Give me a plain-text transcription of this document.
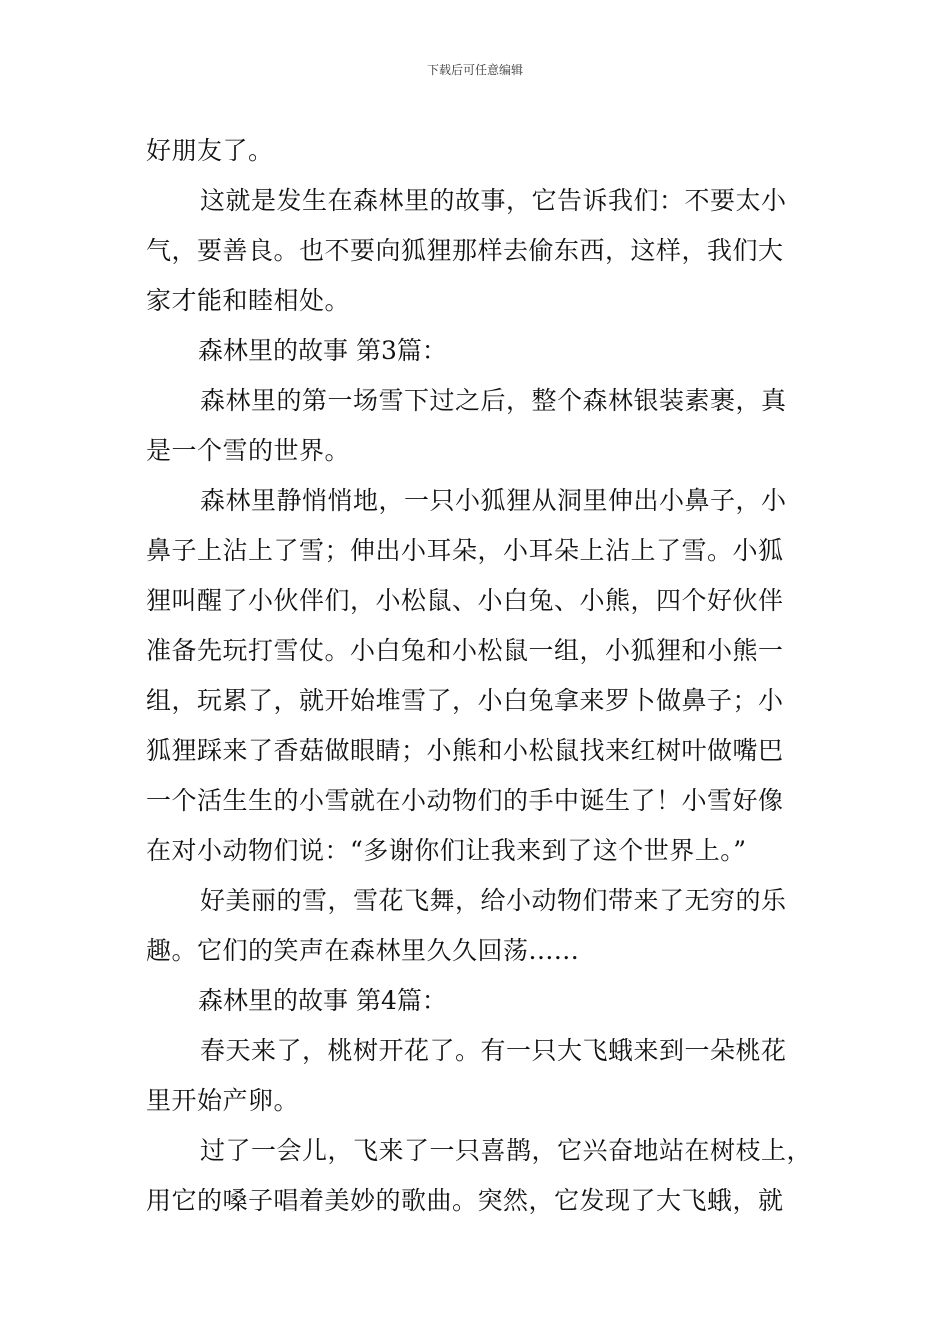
下载后可任意编辑
好朋友了。
这就是发生在森林里的故事，它告诉我们：不要太小
气，要善良。也不要向狐狸那样去偷东西，这样，我们大
家才能和睦相处。
森林里的故事 第3篇：
森林里的第一场雪下过之后，整个森林银装素裹，真
是一个雪的世界。
森林里静悄悄地，一只小狐狸从洞里伸出小鼻子，小
鼻子上沾上了雪；伸出小耳朵，小耳朵上沾上了雪。小狐
狸叫醒了小伙伴们，小松鼠、小白兔、小熊，四个好伙伴
准备先玩打雪仗。小白兔和小松鼠一组，小狐狸和小熊一
组，玩累了，就开始堆雪了，小白兔拿来罗卜做鼻子；小
狐狸踩来了香菇做眼睛；小熊和小松鼠找来红树叶做嘴巴
一个活生生的小雪就在小动物们的手中诞生了！小雪好像
在对小动物们说：“多谢你们让我来到了这个世界上。”
好美丽的雪，雪花飞舞，给小动物们带来了无穷的乐
趣。它们的笑声在森林里久久回荡......
森林里的故事 第4篇：
春天来了，桃树开花了。有一只大飞蛾来到一朵桃花
里开始产卵。
过了一会儿，飞来了一只喜鹊，它兴奋地站在树枝上，
用它的嗓子唱着美妙的歌曲。突然，它发现了大飞蛾，就
